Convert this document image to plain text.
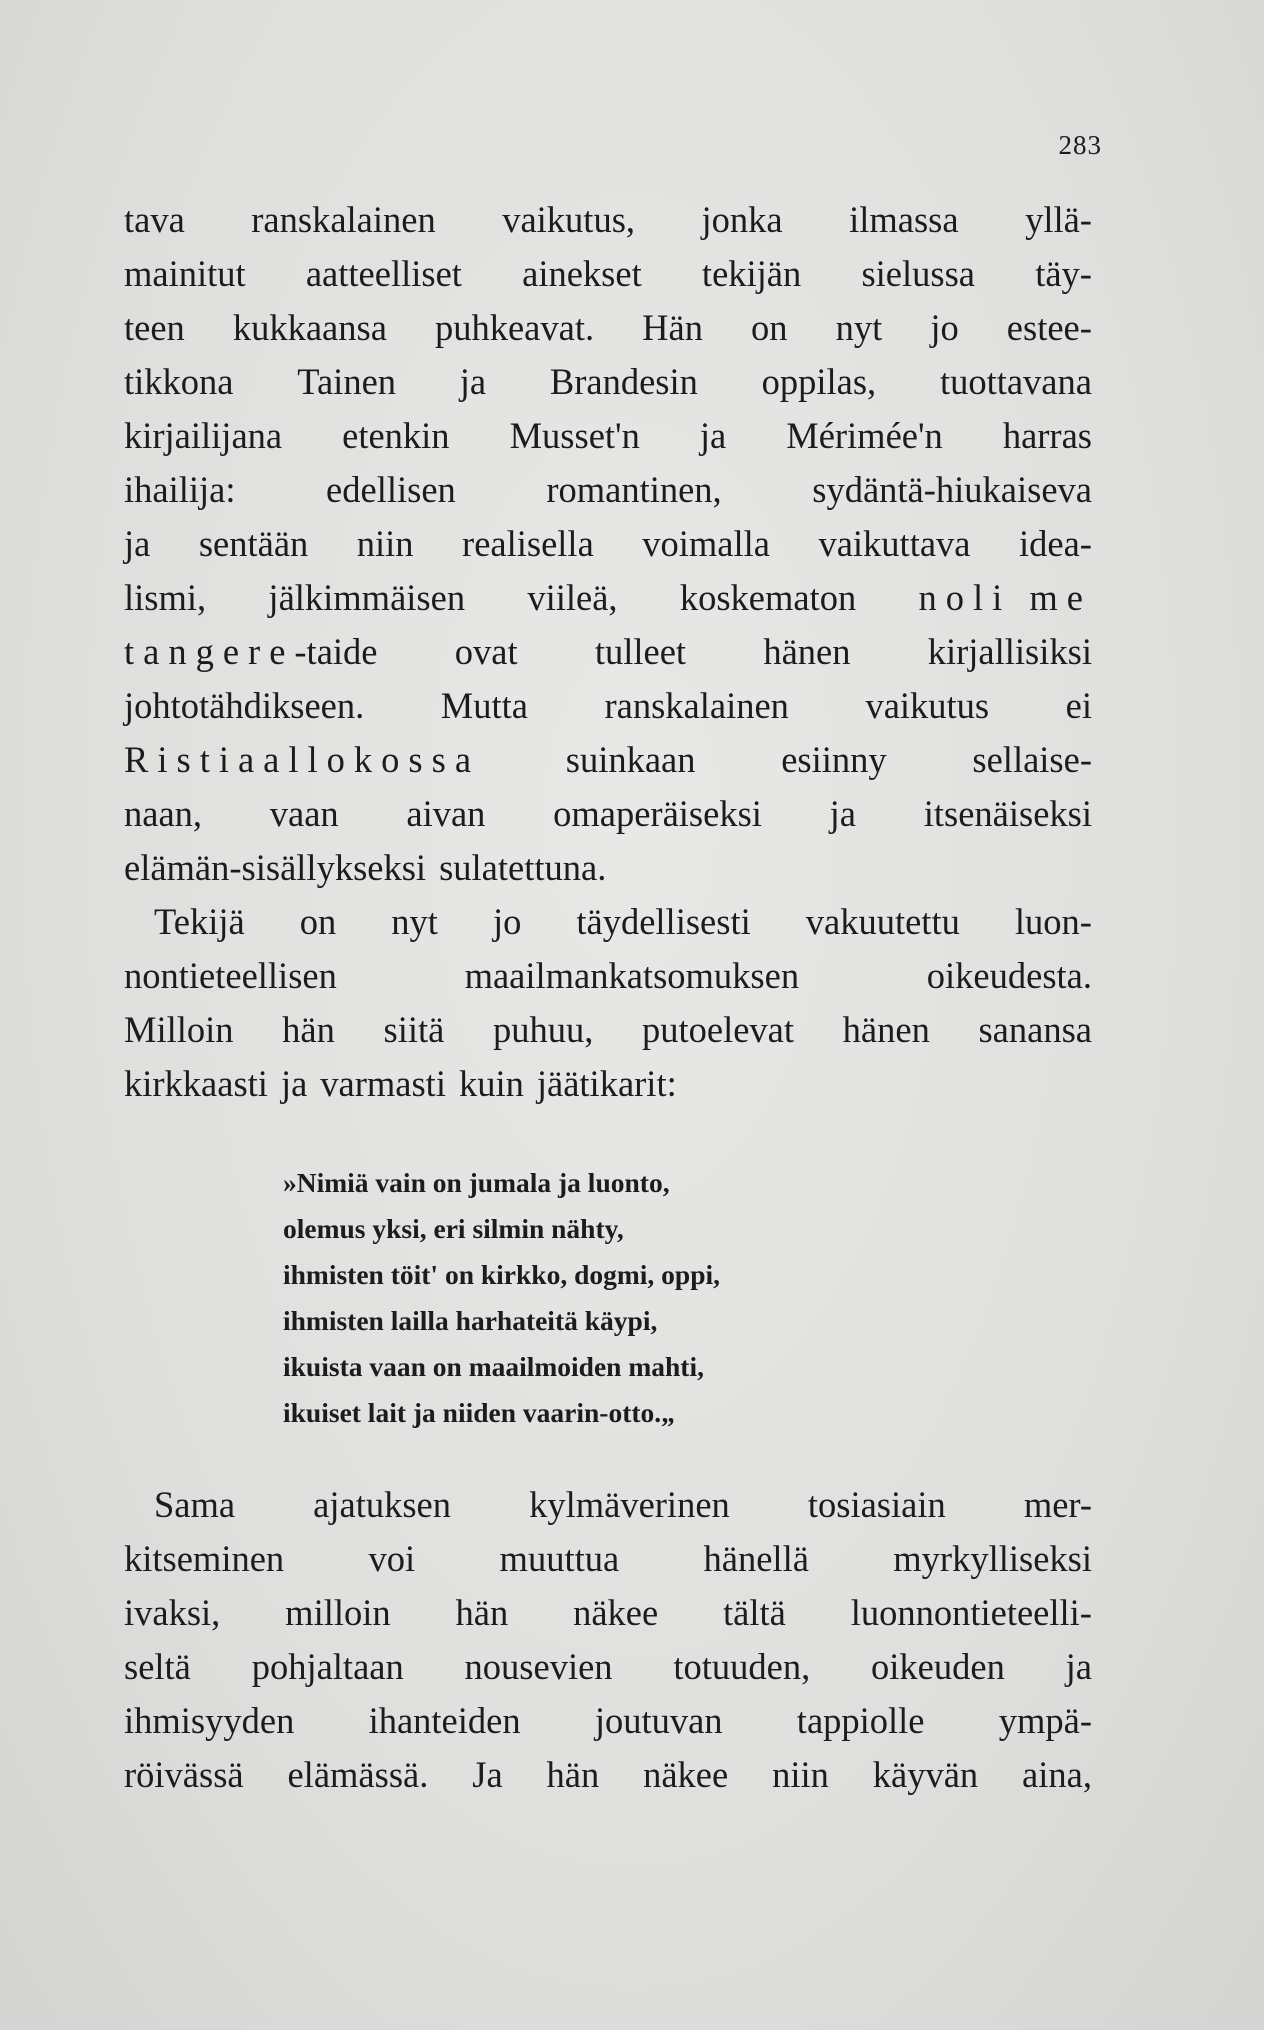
283
tava ranskalainen vaikutus, jonka ilmassa yllä-
mainitut aatteelliset ainekset tekijän sielussa täy-
teen kukkaansa puhkeavat. Hän on nyt jo estee-
tikkona Tainen ja Brandesin oppilas, tuottavana
kirjailijana etenkin Musset'n ja Mérimée'n harras
ihailija: edellisen romantinen, sydäntä-hiukaiseva
ja sentään niin realisella voimalla vaikuttava idea-
lismi, jälkimmäisen viileä, koskematon noli me
tangere-taide ovat tulleet hänen kirjallisiksi
johtotähdikseen. Mutta ranskalainen vaikutus ei
Ristiaallokossa suinkaan esiinny sellaise-
naan, vaan aivan omaperäiseksi ja itsenäiseksi
elämän-sisällykseksi sulatettuna.
Tekijä on nyt jo täydellisesti vakuutettu luon-
nontieteellisen	maailmankatsomuksen	oikeudesta.
Milloin hän siitä puhuu, putoelevat hänen sanansa
kirkkaasti ja varmasti kuin jäätikarit:
»Nimiä vain on jumala ja luonto,
olemus yksi, eri silmin nähty,
ihmisten töit' on kirkko, dogmi, oppi,
ihmisten lailla harhateitä käypi,
ikuista vaan on maailmoiden mahti,
ikuiset lait ja niiden vaarin-otto.„
Sama ajatuksen kylmäverinen tosiasiain mer-
kitseminen voi muuttua hänellä myrkylliseksi
ivaksi, milloin hän näkee tältä luonnontieteelli-
seltä pohjaltaan nousevien totuuden, oikeuden ja
ihmisyyden ihanteiden joutuvan tappiolle ympä-
röivässä elämässä. Ja hän näkee niin käyvän aina,
